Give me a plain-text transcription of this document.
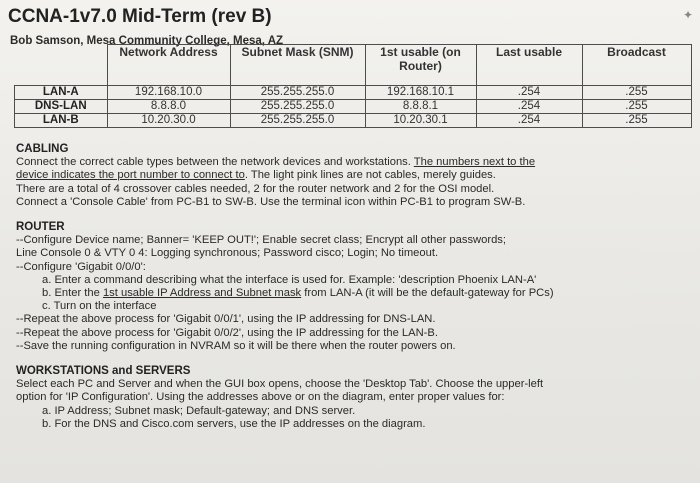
CCNA-1v7.0 Mid-Term (rev B)
Bob Samson, Mesa Community College, Mesa, AZ
✦
	Network Address	Subnet Mask (SNM)	1st usable (on Router)	Last usable	Broadcast
LAN-A	192.168.10.0	255.255.255.0	192.168.10.1	.254	.255
DNS-LAN	8.8.8.0	255.255.255.0	8.8.8.1	.254	.255
LAN-B	10.20.30.0	255.255.255.0	10.20.30.1	.254	.255
CABLING

Connect the correct cable types between the network devices and workstations. The numbers next to the

device indicates the port number to connect to. The light pink lines are not cables, merely guides.

There are a total of 4 crossover cables needed, 2 for the router network and 2 for the OSI model.

Connect a 'Console Cable' from PC-B1 to SW-B. Use the terminal icon within PC-B1 to program SW-B.

ROUTER

--Configure Device name; Banner= 'KEEP OUT!'; Enable secret class; Encrypt all other passwords;

Line Console 0 & VTY 0 4: Logging synchronous; Password cisco; Login; No timeout.

--Configure 'Gigabit 0/0/0':

a. Enter a command describing what the interface is used for. Example: 'description Phoenix LAN-A'

b. Enter the 1st usable IP Address and Subnet mask from LAN-A (it will be the default-gateway for PCs)

c. Turn on the interface

--Repeat the above process for 'Gigabit 0/0/1', using the IP addressing for DNS-LAN.

--Repeat the above process for 'Gigabit 0/0/2', using the IP addressing for the LAN-B.

--Save the running configuration in NVRAM so it will be there when the router powers on.

WORKSTATIONS and SERVERS

Select each PC and Server and when the GUI box opens, choose the 'Desktop Tab'. Choose the upper-left

option for 'IP Configuration'. Using the addresses above or on the diagram, enter proper values for:

a. IP Address; Subnet mask; Default-gateway; and DNS server.

b. For the DNS and Cisco.com servers, use the IP addresses on the diagram.
